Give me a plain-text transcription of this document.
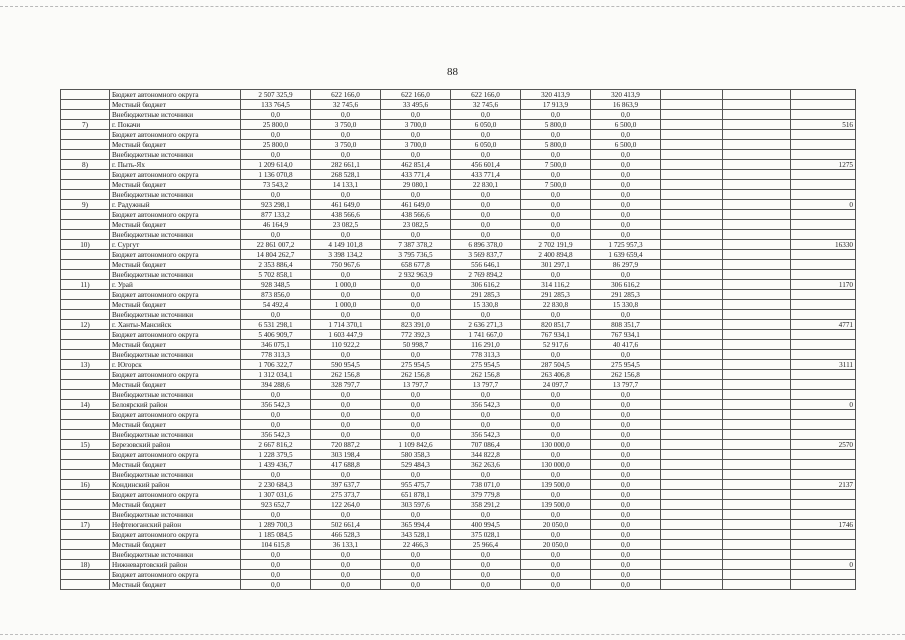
88
	Бюджет автономного округа	2 507 325,9	622 166,0	622 166,0	622 166,0	320 413,9	320 413,9			
	Местный бюджет	133 764,5	32 745,6	33 495,6	32 745,6	17 913,9	16 863,9			
	Внебюджетные источники	0,0	0,0	0,0	0,0	0,0	0,0			
7)	г. Покачи	25 800,0	3 750,0	3 700,0	6 050,0	5 800,0	6 500,0			516
	Бюджет автономного округа	0,0	0,0	0,0	0,0	0,0	0,0			
	Местный бюджет	25 800,0	3 750,0	3 700,0	6 050,0	5 800,0	6 500,0			
	Внебюджетные источники	0,0	0,0	0,0	0,0	0,0	0,0			
8)	г. Пыть-Ях	1 209 614,0	282 661,1	462 851,4	456 601,4	7 500,0	0,0			1275
	Бюджет автономного округа	1 136 070,8	268 528,1	433 771,4	433 771,4	0,0	0,0			
	Местный бюджет	73 543,2	14 133,1	29 080,1	22 830,1	7 500,0	0,0			
	Внебюджетные источники	0,0	0,0	0,0	0,0	0,0	0,0			
9)	г. Радужный	923 298,1	461 649,0	461 649,0	0,0	0,0	0,0			0
	Бюджет автономного округа	877 133,2	438 566,6	438 566,6	0,0	0,0	0,0			
	Местный бюджет	46 164,9	23 082,5	23 082,5	0,0	0,0	0,0			
	Внебюджетные источники	0,0	0,0	0,0	0,0	0,0	0,0			
10)	г. Сургут	22 861 007,2	4 149 101,8	7 387 378,2	6 896 378,0	2 702 191,9	1 725 957,3			16330
	Бюджет автономного округа	14 804 262,7	3 398 134,2	3 795 736,5	3 569 837,7	2 400 894,8	1 639 659,4			
	Местный бюджет	2 353 886,4	750 967,6	658 677,8	556 646,1	301 297,1	86 297,9			
	Внебюджетные источники	5 702 858,1	0,0	2 932 963,9	2 769 894,2	0,0	0,0			
11)	г. Урай	928 348,5	1 000,0	0,0	306 616,2	314 116,2	306 616,2			1170
	Бюджет автономного округа	873 856,0	0,0	0,0	291 285,3	291 285,3	291 285,3			
	Местный бюджет	54 492,4	1 000,0	0,0	15 330,8	22 830,8	15 330,8			
	Внебюджетные источники	0,0	0,0	0,0	0,0	0,0	0,0			
12)	г. Ханты-Мансийск	6 531 298,1	1 714 370,1	823 391,0	2 636 271,3	820 851,7	808 351,7			4771
	Бюджет автономного округа	5 406 909,7	1 603 447,9	772 392,3	1 741 667,0	767 934,1	767 934,1			
	Местный бюджет	346 075,1	110 922,2	50 998,7	116 291,0	52 917,6	40 417,6			
	Внебюджетные источники	778 313,3	0,0	0,0	778 313,3	0,0	0,0			
13)	г. Югорск	1 706 322,7	590 954,5	275 954,5	275 954,5	287 504,5	275 954,5			3111
	Бюджет автономного округа	1 312 034,1	262 156,8	262 156,8	262 156,8	263 406,8	262 156,8			
	Местный бюджет	394 288,6	328 797,7	13 797,7	13 797,7	24 097,7	13 797,7			
	Внебюджетные источники	0,0	0,0	0,0	0,0	0,0	0,0			
14)	Белоярский район	356 542,3	0,0	0,0	356 542,3	0,0	0,0			0
	Бюджет автономного округа	0,0	0,0	0,0	0,0	0,0	0,0			
	Местный бюджет	0,0	0,0	0,0	0,0	0,0	0,0			
	Внебюджетные источники	356 542,3	0,0	0,0	356 542,3	0,0	0,0			
15)	Березовский район	2 667 816,2	720 887,2	1 109 842,6	707 086,4	130 000,0	0,0			2570
	Бюджет автономного округа	1 228 379,5	303 198,4	580 358,3	344 822,8	0,0	0,0			
	Местный бюджет	1 439 436,7	417 688,8	529 484,3	362 263,6	130 000,0	0,0			
	Внебюджетные источники	0,0	0,0	0,0	0,0	0,0	0,0			
16)	Кондинский район	2 230 684,3	397 637,7	955 475,7	738 071,0	139 500,0	0,0			2137
	Бюджет автономного округа	1 307 031,6	275 373,7	651 878,1	379 779,8	0,0	0,0			
	Местный бюджет	923 652,7	122 264,0	303 597,6	358 291,2	139 500,0	0,0			
	Внебюджетные источники	0,0	0,0	0,0	0,0	0,0	0,0			
17)	Нефтеюганский район	1 289 700,3	502 661,4	365 994,4	400 994,5	20 050,0	0,0			1746
	Бюджет автономного округа	1 185 084,5	466 528,3	343 528,1	375 028,1	0,0	0,0			
	Местный бюджет	104 615,8	36 133,1	22 466,3	25 966,4	20 050,0	0,0			
	Внебюджетные источники	0,0	0,0	0,0	0,0	0,0	0,0			
18)	Нижневартовский район	0,0	0,0	0,0	0,0	0,0	0,0			0
	Бюджет автономного округа	0,0	0,0	0,0	0,0	0,0	0,0			
	Местный бюджет	0,0	0,0	0,0	0,0	0,0	0,0			
